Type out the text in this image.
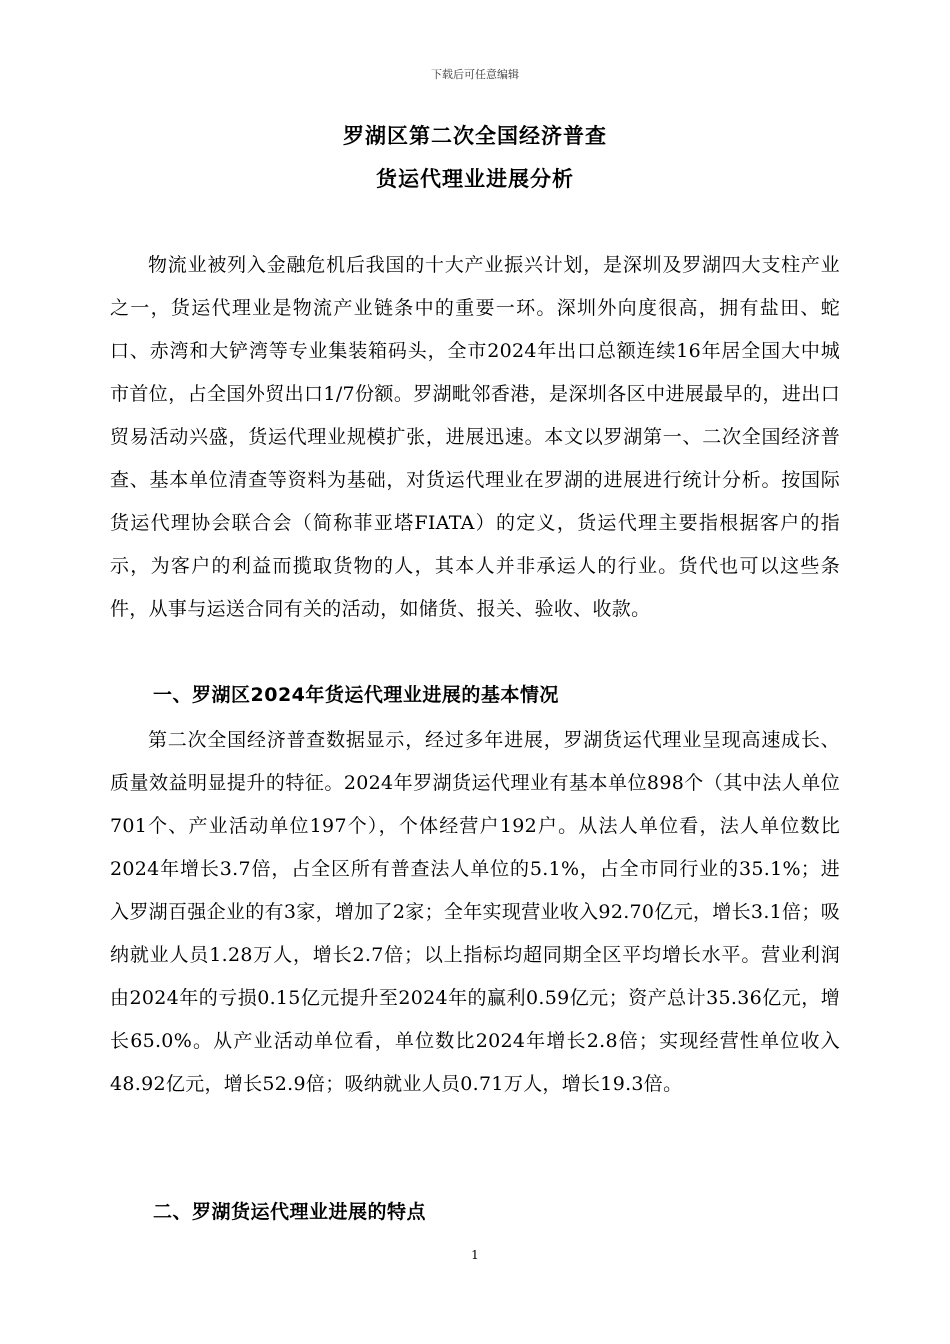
下载后可任意编辑
罗湖区第二次全国经济普查
货运代理业进展分析

物流业被列入金融危机后我国的十大产业振兴计划，是深圳及罗湖四大支柱产业之一，货运代理业是物流产业链条中的重要一环。深圳外向度很高，拥有盐田、蛇口、赤湾和大铲湾等专业集装箱码头，全市2024年出口总额连续16年居全国大中城市首位，占全国外贸出口1/7份额。罗湖毗邻香港，是深圳各区中进展最早的，进出口贸易活动兴盛，货运代理业规模扩张，进展迅速。本文以罗湖第一、二次全国经济普查、基本单位清查等资料为基础，对货运代理业在罗湖的进展进行统计分析。按国际货运代理协会联合会（简称菲亚塔FIATA）的定义，货运代理主要指根据客户的指示，为客户的利益而揽取货物的人，其本人并非承运人的行业。货代也可以这些条件，从事与运送合同有关的活动，如储货、报关、验收、收款。

一、罗湖区2024年货运代理业进展的基本情况

第二次全国经济普查数据显示，经过多年进展，罗湖货运代理业呈现高速成长、质量效益明显提升的特征。2024年罗湖货运代理业有基本单位898个（其中法人单位701个、产业活动单位197个），个体经营户192户。从法人单位看，法人单位数比2024年增长3.7倍，占全区所有普查法人单位的5.1%，占全市同行业的35.1%；进入罗湖百强企业的有3家，增加了2家；全年实现营业收入92.70亿元，增长3.1倍；吸纳就业人员1.28万人，增长2.7倍；以上指标均超同期全区平均增长水平。营业利润由2024年的亏损0.15亿元提升至2024年的赢利0.59亿元；资产总计35.36亿元，增长65.0%。从产业活动单位看，单位数比2024年增长2.8倍；实现经营性单位收入48.92亿元，增长52.9倍；吸纳就业人员0.71万人，增长19.3倍。

二、罗湖货运代理业进展的特点
1
